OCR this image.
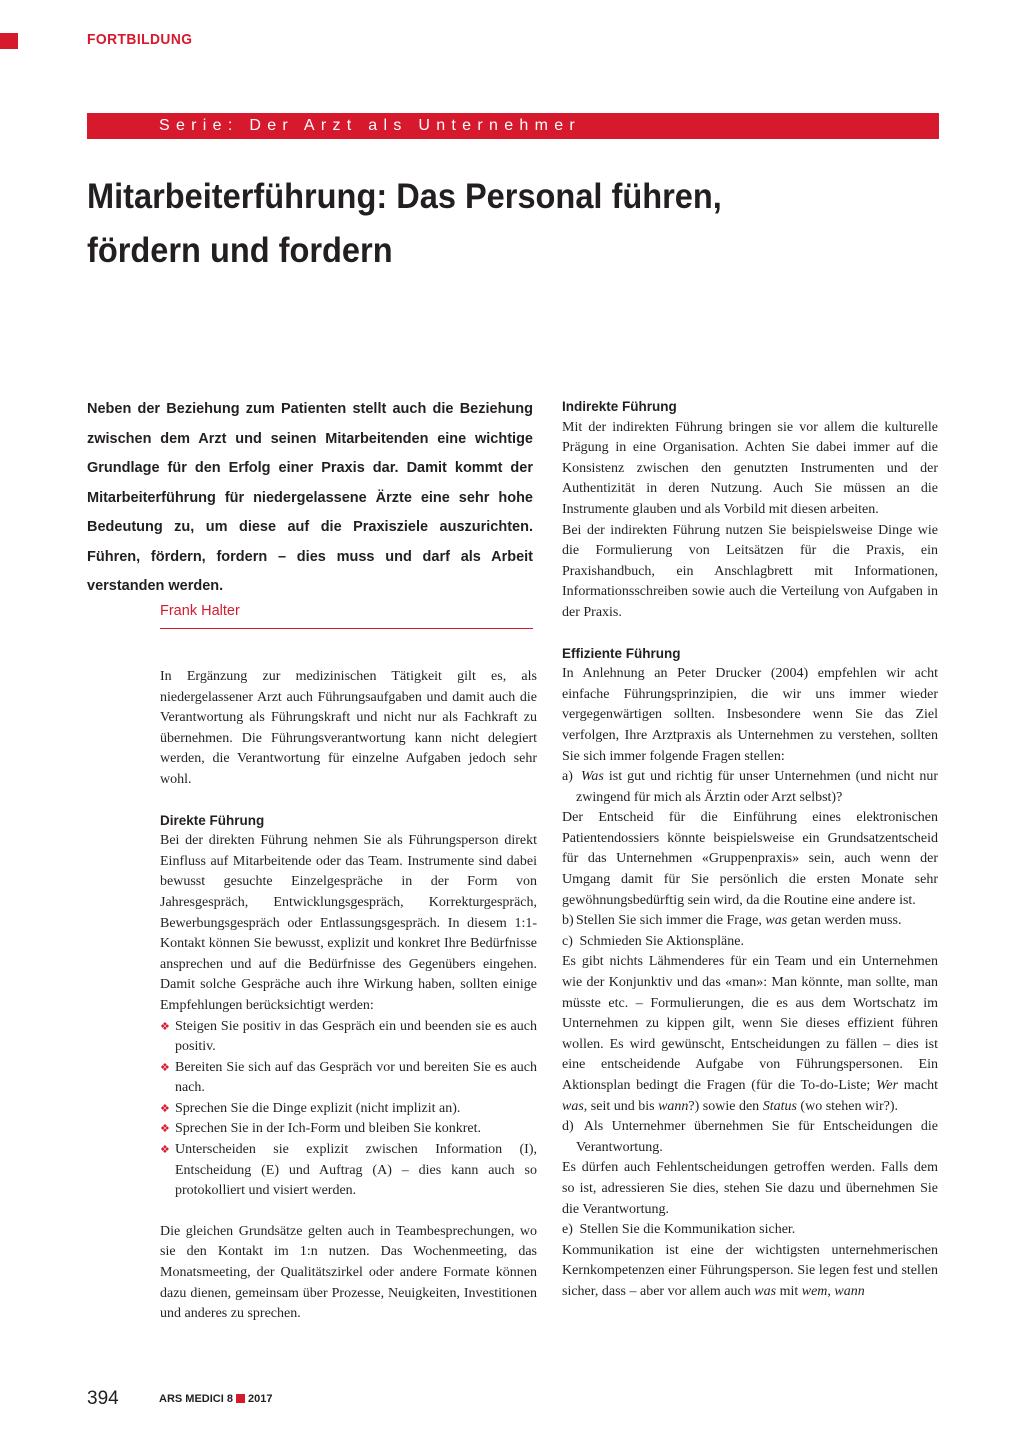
FORTBILDUNG
Serie: Der Arzt als Unternehmer
Mitarbeiterführung: Das Personal führen,
fördern und fordern

Neben der Beziehung zum Patienten stellt auch die Beziehung zwischen dem Arzt und seinen Mitarbeitenden eine wichtige Grundlage für den Erfolg einer Praxis dar. Damit kommt der Mitarbeiterführung für niedergelassene Ärzte eine sehr hohe Bedeutung zu, um diese auf die Praxisziele auszurichten. Führen, fördern, fordern – dies muss und darf als Arbeit verstanden werden.

Frank Halter

In Ergänzung zur medizinischen Tätigkeit gilt es, als niedergelassener Arzt auch Führungsaufgaben und damit auch die Verantwortung als Führungskraft und nicht nur als Fachkraft zu übernehmen. Die Führungsverantwortung kann nicht delegiert werden, die Verantwortung für einzelne Aufgaben jedoch sehr wohl.

Direkte Führung

Bei der direkten Führung nehmen Sie als Führungsperson direkt Einfluss auf Mitarbeitende oder das Team. Instrumente sind dabei bewusst gesuchte Einzelgespräche in der Form von Jahresgespräch, Entwicklungsgespräch, Korrekturgespräch, Bewerbungsgespräch oder Entlassungsgespräch. In diesem 1:1-Kontakt können Sie bewusst, explizit und konkret Ihre Bedürfnisse ansprechen und auf die Bedürfnisse des Gegenübers eingehen. Damit solche Gespräche auch ihre Wirkung haben, sollten einige Empfehlungen berücksichtigt werden:

❖ Steigen Sie positiv in das Gespräch ein und beenden sie es auch positiv.
❖ Bereiten Sie sich auf das Gespräch vor und bereiten Sie es auch nach.
❖ Sprechen Sie die Dinge explizit (nicht implizit an).
❖ Sprechen Sie in der Ich-Form und bleiben Sie konkret.
❖ Unterscheiden sie explizit zwischen Information (I), Entscheidung (E) und Auftrag (A) – dies kann auch so protokolliert und visiert werden.

Die gleichen Grundsätze gelten auch in Teambesprechungen, wo sie den Kontakt im 1:n nutzen. Das Wochenmeeting, das Monatsmeeting, der Qualitätszirkel oder andere Formate können dazu dienen, gemeinsam über Prozesse, Neuigkeiten, Investitionen und anderes zu sprechen.

Indirekte Führung

Mit der indirekten Führung bringen sie vor allem die kulturelle Prägung in eine Organisation. Achten Sie dabei immer auf die Konsistenz zwischen den genutzten Instrumenten und der Authentizität in deren Nutzung. Auch Sie müssen an die Instrumente glauben und als Vorbild mit diesen arbeiten.

Bei der indirekten Führung nutzen Sie beispielsweise Dinge wie die Formulierung von Leitsätzen für die Praxis, ein Praxishandbuch, ein Anschlagbrett mit Informationen, Informationsschreiben sowie auch die Verteilung von Aufgaben in der Praxis.

Effiziente Führung

In Anlehnung an Peter Drucker (2004) empfehlen wir acht einfache Führungsprinzipien, die wir uns immer wieder vergegenwärtigen sollten. Insbesondere wenn Sie das Ziel verfolgen, Ihre Arztpraxis als Unternehmen zu verstehen, sollten Sie sich immer folgende Fragen stellen:

a) Was ist gut und richtig für unser Unternehmen (und nicht nur zwingend für mich als Ärztin oder Arzt selbst)?

Der Entscheid für die Einführung eines elektronischen Patientendossiers könnte beispielsweise ein Grundsatzentscheid für das Unternehmen «Gruppenpraxis» sein, auch wenn der Umgang damit für Sie persönlich die ersten Monate sehr gewöhnungsbedürftig sein wird, da die Routine eine andere ist.

b) Stellen Sie sich immer die Frage, was getan werden muss.

c) Schmieden Sie Aktionspläne.

Es gibt nichts Lähmenderes für ein Team und ein Unternehmen wie der Konjunktiv und das «man»: Man könnte, man sollte, man müsste etc. – Formulierungen, die es aus dem Wortschatz im Unternehmen zu kippen gilt, wenn Sie dieses effizient führen wollen. Es wird gewünscht, Entscheidungen zu fällen – dies ist eine entscheidende Aufgabe von Führungspersonen. Ein Aktionsplan bedingt die Fragen (für die To-do-Liste; Wer macht was, seit und bis wann?) sowie den Status (wo stehen wir?).

d) Als Unternehmer übernehmen Sie für Entscheidungen die Verantwortung.

Es dürfen auch Fehlentscheidungen getroffen werden. Falls dem so ist, adressieren Sie dies, stehen Sie dazu und übernehmen Sie die Verantwortung.

e) Stellen Sie die Kommunikation sicher.

Kommunikation ist eine der wichtigsten unternehmerischen Kernkompetenzen einer Führungsperson. Sie legen fest und stellen sicher, dass – aber vor allem auch was mit wem, wann

394	ARS MEDICI 8 2017
